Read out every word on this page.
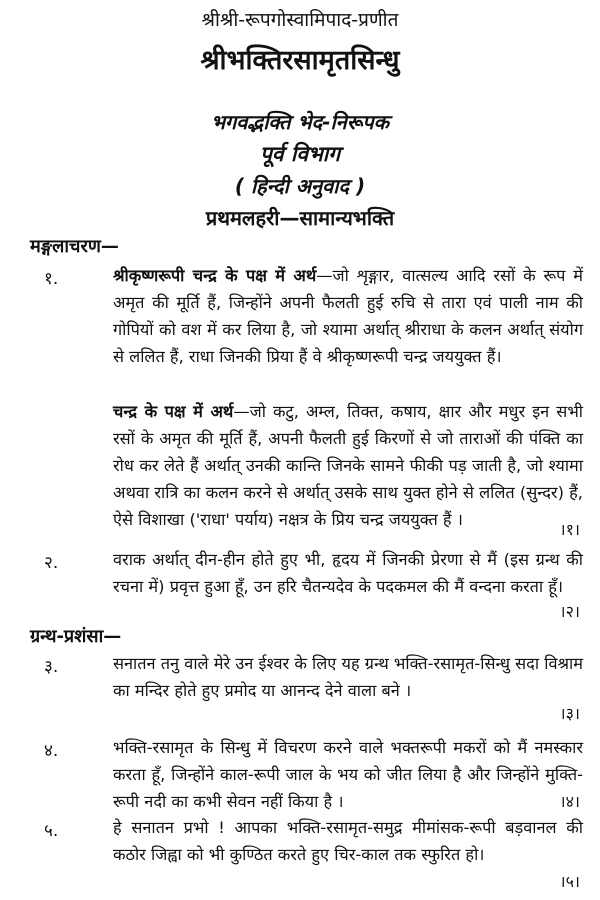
श्रीश्री-रूपगोस्वामिपाद-प्रणीत
श्रीभक्तिरसामृतसिन्धु
भगवद्भक्ति भेद-निरूपक
पूर्व विभाग
( हिन्दी अनुवाद )
प्रथमलहरी—सामान्यभक्ति
मङ्गलाचरण—
१.	श्रीकृष्णरूपी चन्द्र के पक्ष में अर्थ—जो शृङ्गार, वात्सल्य आदि रसों के रूप में अमृत की मूर्ति हैं, जिन्होंने अपनी फैलती हुई रुचि से तारा एवं पाली नाम की गोपियों को वश में कर लिया है, जो श्यामा अर्थात् श्रीराधा के कलन अर्थात् संयोग से ललित हैं, राधा जिनकी प्रिया हैं वे श्रीकृष्णरूपी चन्द्र जययुक्त हैं।
चन्द्र के पक्ष में अर्थ—जो कटु, अम्ल, तिक्त, कषाय, क्षार और मधुर इन सभी रसों के अमृत की मूर्ति हैं, अपनी फैलती हुई किरणों से जो ताराओं की पंक्ति का रोध कर लेते हैं अर्थात् उनकी कान्ति जिनके सामने फीकी पड़ जाती है, जो श्यामा अथवा रात्रि का कलन करने से अर्थात् उसके साथ युक्त होने से ललित (सुन्दर) हैं, ऐसे विशाखा ('राधा' पर्याय) नक्षत्र के प्रिय चन्द्र जययुक्त हैं ।
।१।
२.	वराक अर्थात् दीन-हीन होते हुए भी, हृदय में जिनकी प्रेरणा से मैं (इस ग्रन्थ की रचना में) प्रवृत्त हुआ हूँ, उन हरि चैतन्यदेव के पदकमल की मैं वन्दना करता हूँ।
।२।
ग्रन्थ-प्रशंसा—
३.	सनातन तनु वाले मेरे उन ईश्वर के लिए यह ग्रन्थ भक्ति-रसामृत-सिन्धु सदा विश्राम का मन्दिर होते हुए प्रमोद या आनन्द देने वाला बने ।
।३।
४.	भक्ति-रसामृत के सिन्धु में विचरण करने वाले भक्तरूपी मकरों को मैं नमस्कार करता हूँ, जिन्होंने काल-रूपी जाल के भय को जीत लिया है और जिन्होंने मुक्ति-रूपी नदी का कभी सेवन नहीं किया है ।	।४।
५.	हे सनातन प्रभो ! आपका भक्ति-रसामृत-समुद्र मीमांसक-रूपी बड़वानल की कठोर जिह्वा को भी कुण्ठित करते हुए चिर-काल तक स्फुरित हो।
।५।
